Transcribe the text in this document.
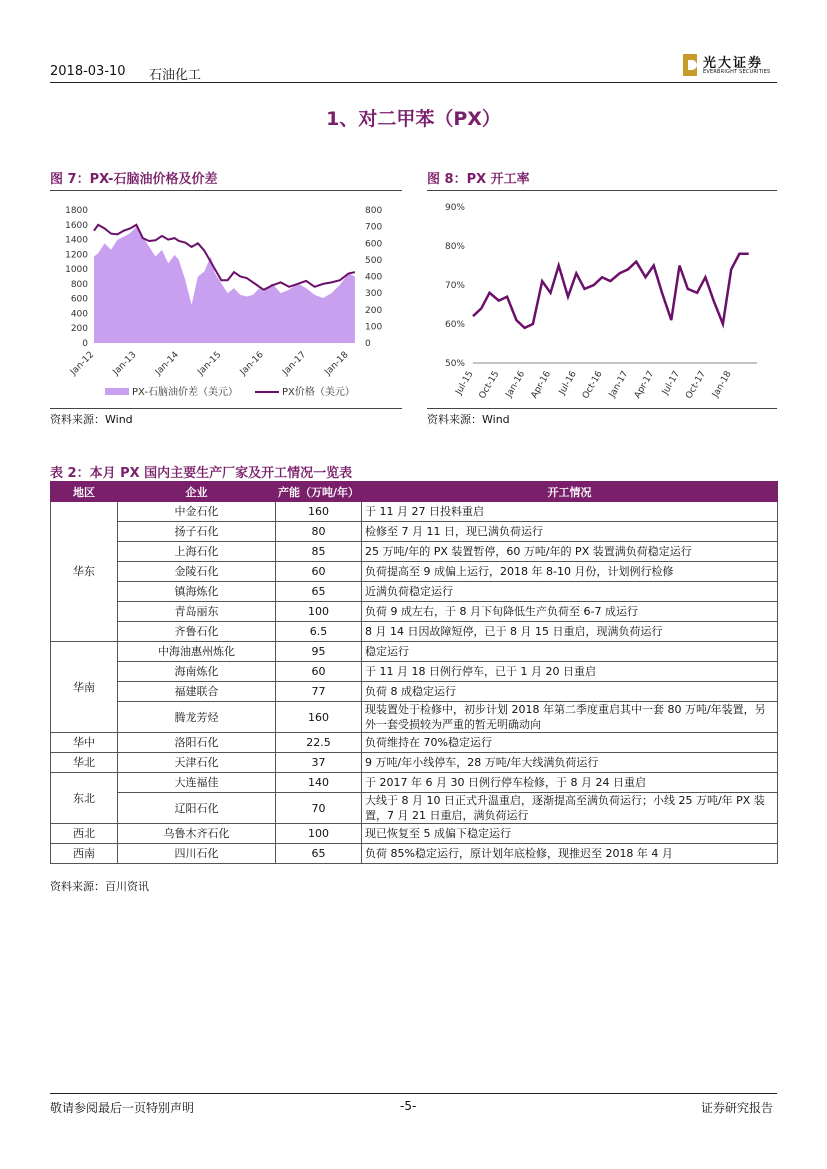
2018-03-10 石油化工
光大证券
EVERBRIGHT SECURITIES
1、对二甲苯（PX）
图 7：PX-石脑油价格及价差
1800
1600
1400
1200
1000
800
600
400
200
0
800
700
600
500
400
300
200
100
0
Jan-12 Jan-13 Jan-14 Jan-15 Jan-16 Jan-17 Jan-18
PX-石脑油价差（美元）	PX价格（美元）
资料来源：Wind
图 8：PX 开工率
90%
80%
70%
60%
50%
Jul-15 Oct-15 Jan-16 Apr-16 Jul-16 Oct-16 Jan-17 Apr-17 Jul-17 Oct-17 Jan-18
资料来源：Wind
表 2：本月 PX 国内主要生产厂家及开工情况一览表
地区	企业	产能（万吨/年）	开工情况
华东	中金石化	160	于 11 月 27 日投料重启
	扬子石化	80	检修至 7 月 11 日，现已满负荷运行
	上海石化	85	25 万吨/年的 PX 装置暂停，60 万吨/年的 PX 装置满负荷稳定运行
	金陵石化	60	负荷提高至 9 成偏上运行，2018 年 8-10 月份，计划例行检修
	镇海炼化	65	近满负荷稳定运行
	青岛丽东	100	负荷 9 成左右，于 8 月下旬降低生产负荷至 6-7 成运行
	齐鲁石化	6.5	8 月 14 日因故障短停，已于 8 月 15 日重启，现满负荷运行
华南	中海油惠州炼化	95	稳定运行
	海南炼化	60	于 11 月 18 日例行停车，已于 1 月 20 日重启
	福建联合	77	负荷 8 成稳定运行
	腾龙芳烃	160	现装置处于检修中，初步计划 2018 年第二季度重启其中一套 80 万吨/年装置，另外一套受损较为严重的暂无明确动向
华中	洛阳石化	22.5	负荷维持在 70%稳定运行
华北	天津石化	37	9 万吨/年小线停车，28 万吨/年大线满负荷运行
东北	大连福佳	140	于 2017 年 6 月 30 日例行停车检修，于 8 月 24 日重启
	辽阳石化	70	大线于 8 月 10 日正式升温重启，逐渐提高至满负荷运行；小线 25 万吨/年 PX 装置，7 月 21 日重启，满负荷运行
西北	乌鲁木齐石化	100	现已恢复至 5 成偏下稳定运行
西南	四川石化	65	负荷 85%稳定运行，原计划年底检修，现推迟至 2018 年 4 月
资料来源：百川资讯
敬请参阅最后一页特别声明	-5-	证券研究报告
